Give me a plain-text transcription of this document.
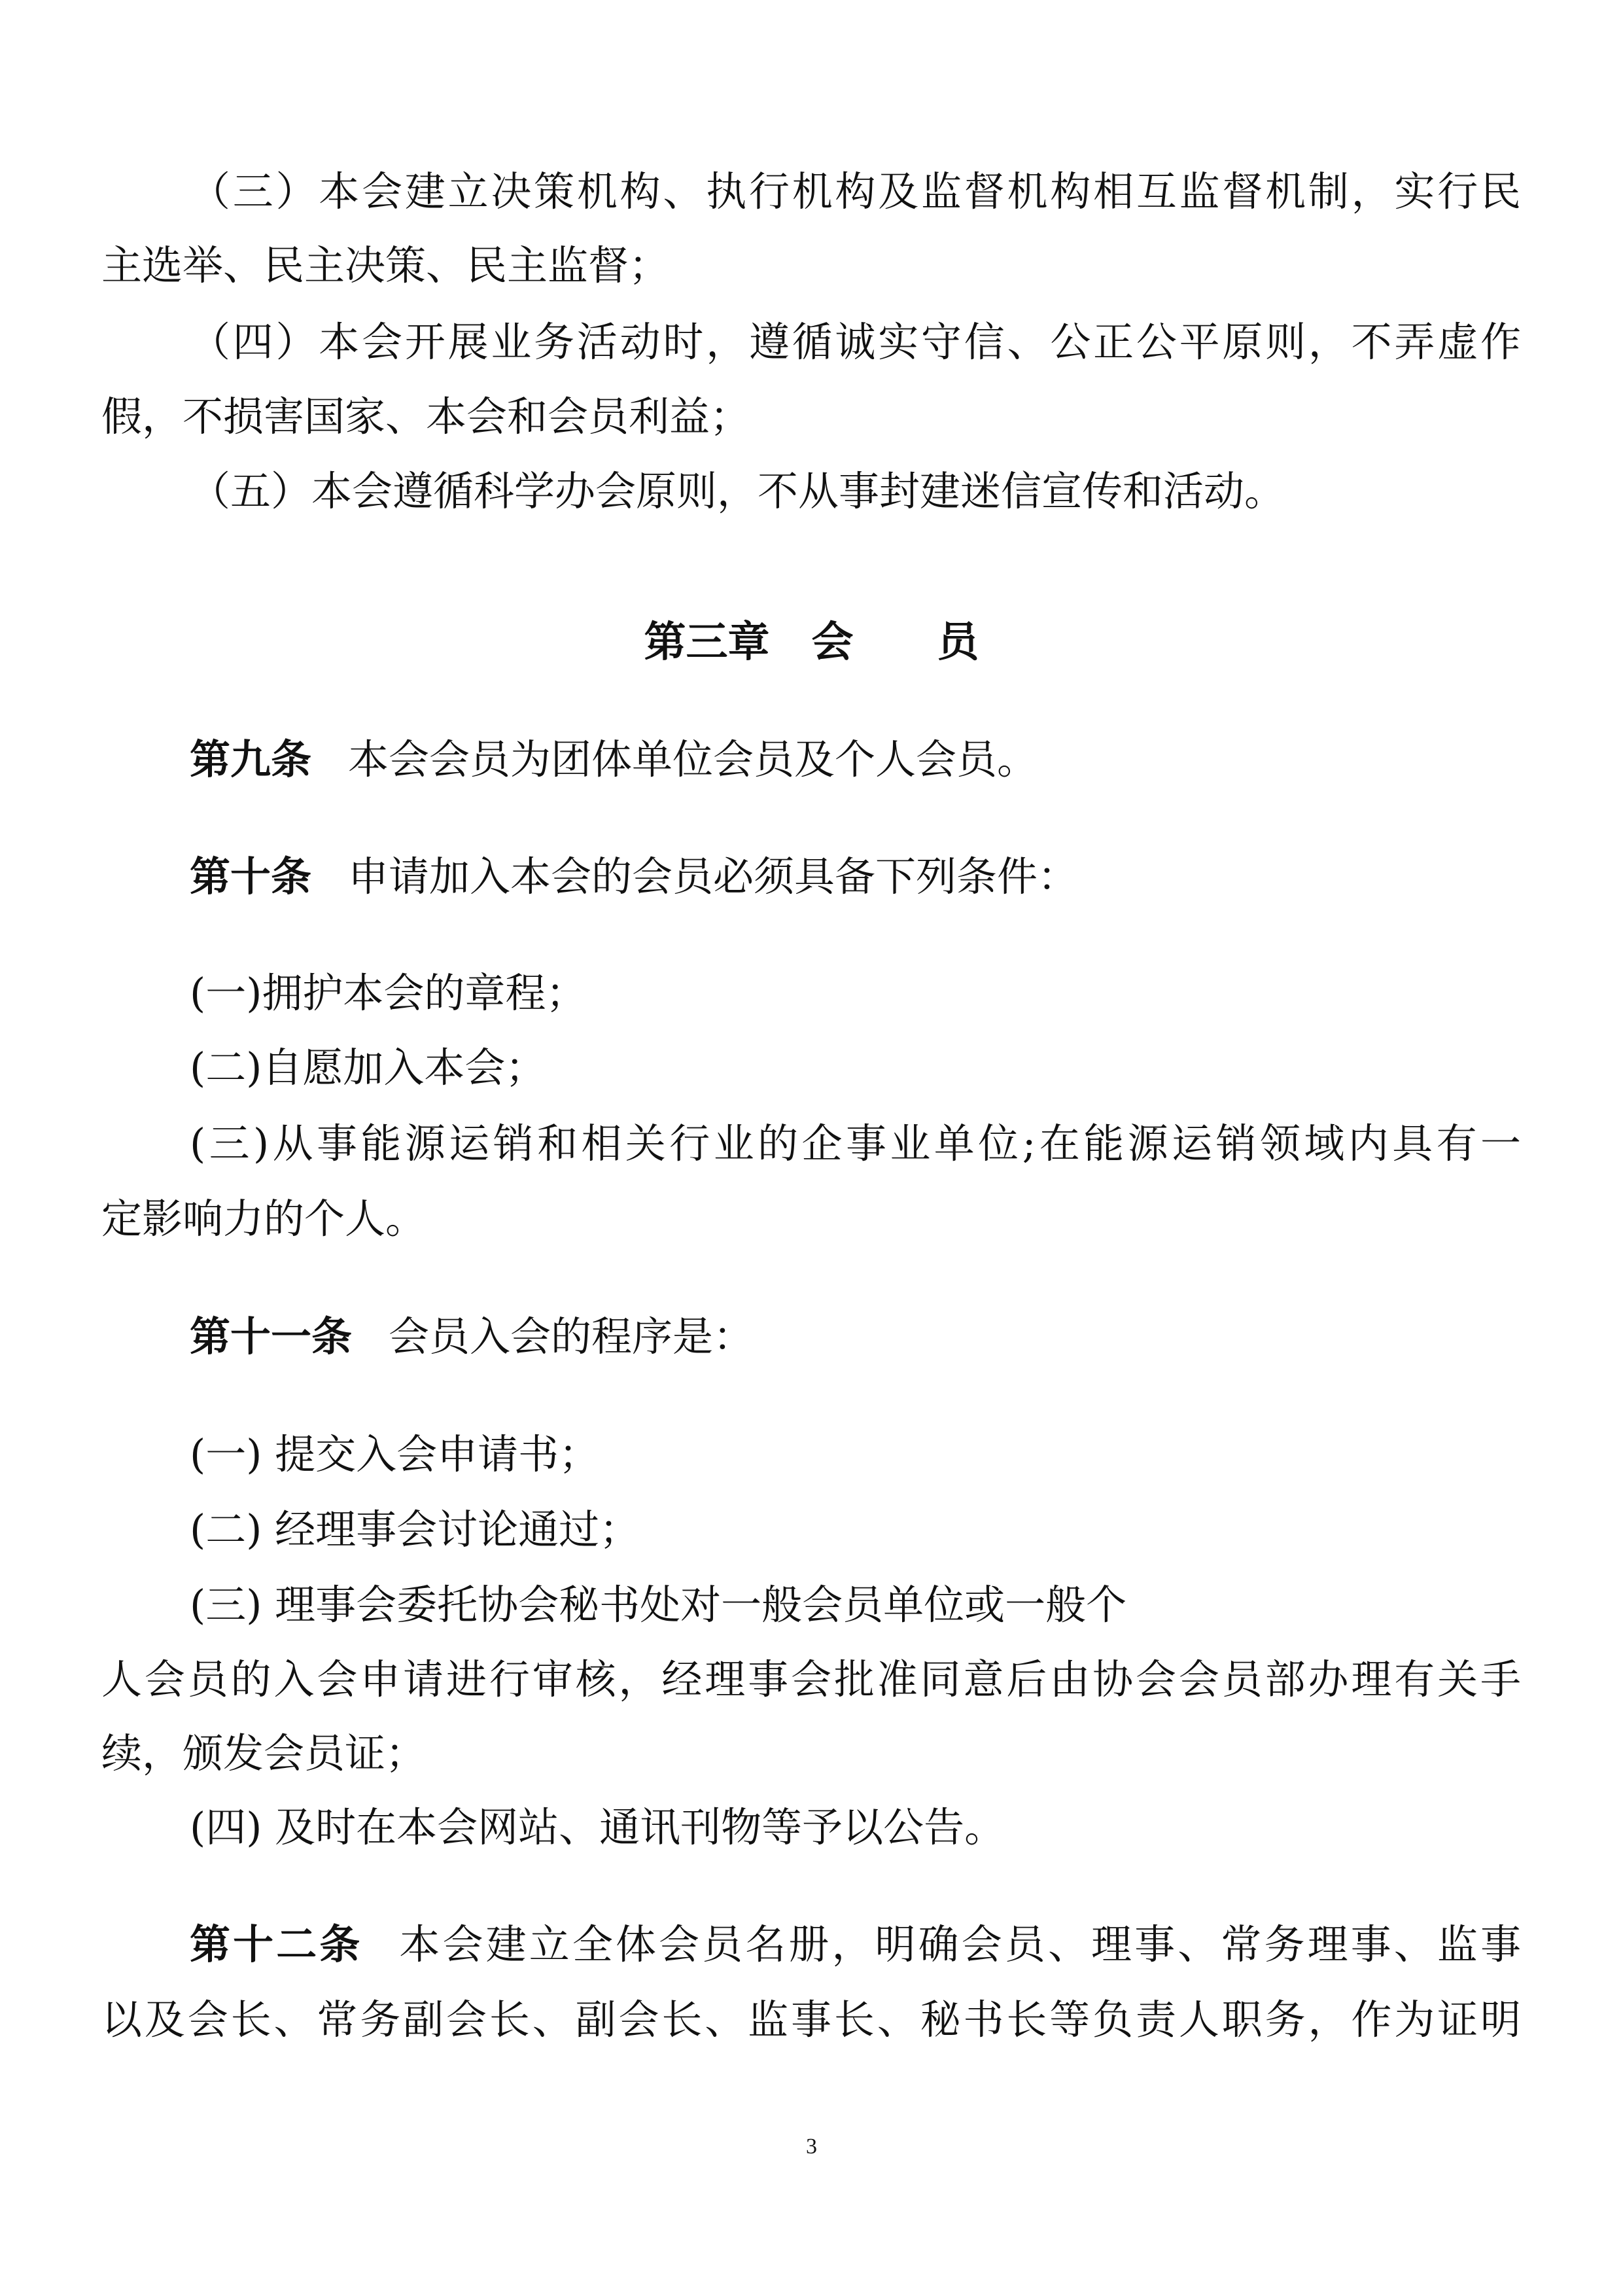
（三）本会建立决策机构、执行机构及监督机构相互监督机制，实行民
主选举、民主决策、民主监督；
（四）本会开展业务活动时，遵循诚实守信、公正公平原则，不弄虚作
假，不损害国家、本会和会员利益；
（五）本会遵循科学办会原则，不从事封建迷信宣传和活动。
第三章　会　　员
第九条 本会会员为团体单位会员及个人会员。
第十条 申请加入本会的会员必须具备下列条件：
(一)拥护本会的章程；
(二)自愿加入本会；
(三)从事能源运销和相关行业的企事业单位;在能源运销领域内具有一
定影响力的个人。
第十一条 会员入会的程序是：
(一) 提交入会申请书；
(二) 经理事会讨论通过；
(三) 理事会委托协会秘书处对一般会员单位或一般个
人会员的入会申请进行审核，经理事会批准同意后由协会会员部办理有关手
续，颁发会员证；
(四) 及时在本会网站、通讯刊物等予以公告。
第十二条 本会建立全体会员名册，明确会员、理事、常务理事、监事
以及会长、常务副会长、副会长、监事长、秘书长等负责人职务，作为证明
3
